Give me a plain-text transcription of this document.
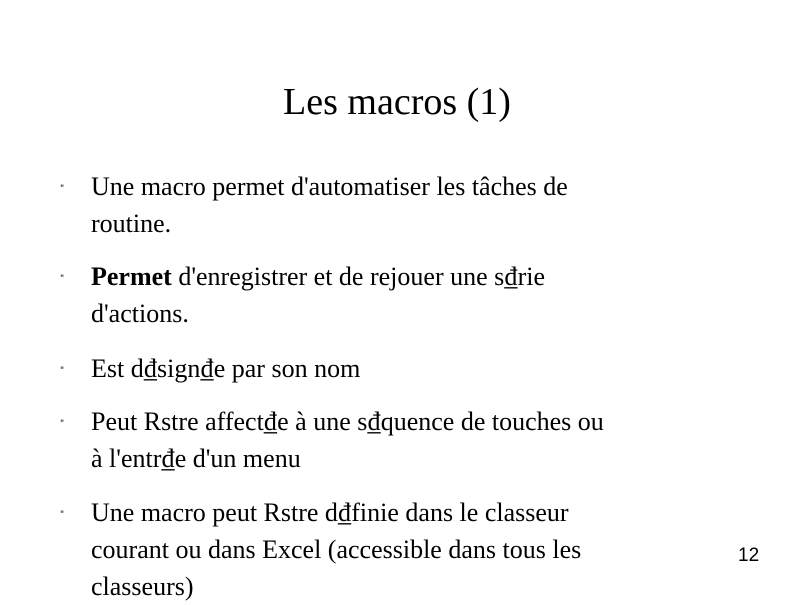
Les macros (1)
" Une macro permet d'automatiser les tâches de
routine.

" Permet d'enregistrer et de rejouer une s₫rie
d'actions.

" Est d₫sign₫e par son nom

" Peut Rstre affect₫e à une s₫quence de touches ou
à l'entr₫e d'un menu

" Une macro peut Rstre d₫finie dans le classeur
courant ou dans Excel (accessible dans tous les
classeurs)

12
